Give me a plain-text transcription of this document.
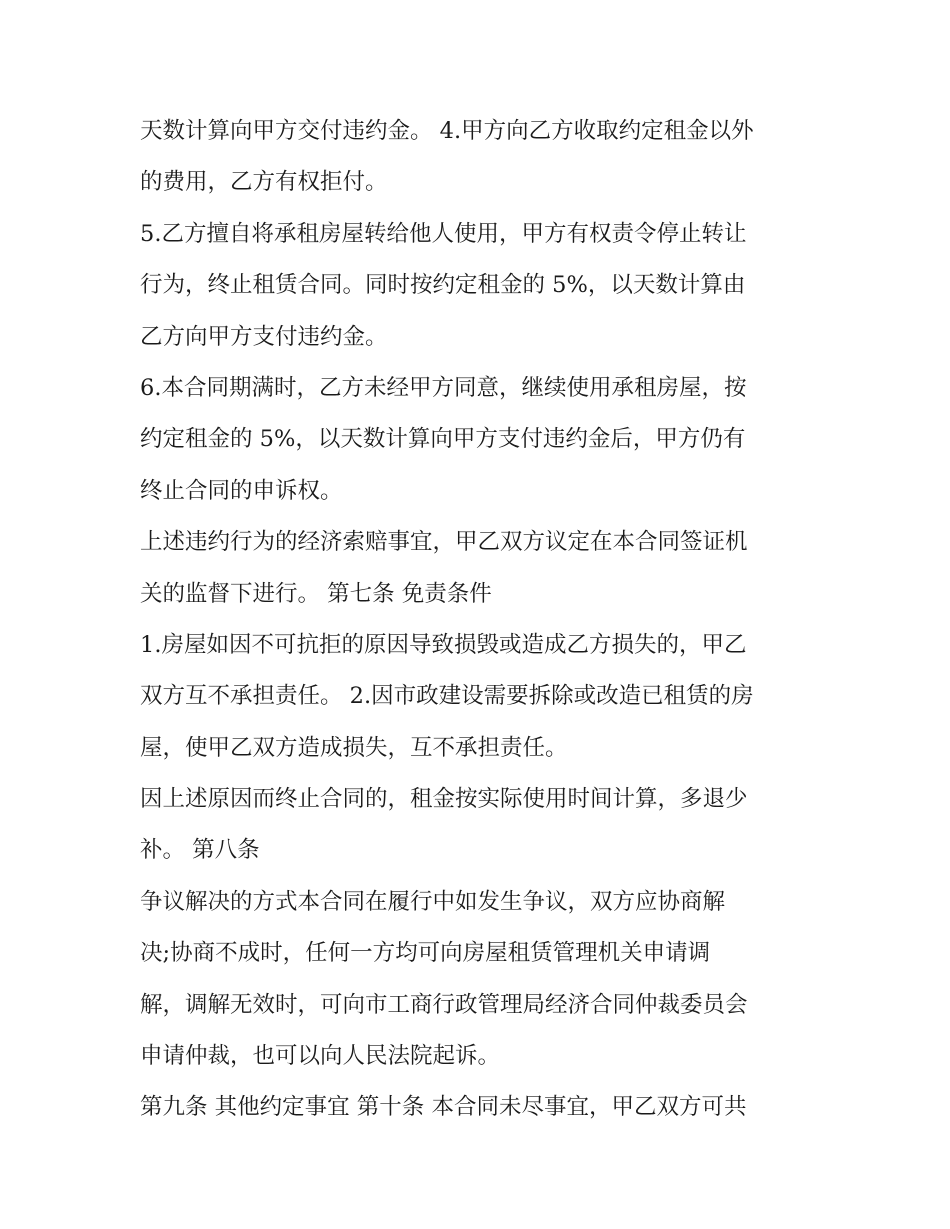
天数计算向甲方交付违约金。 4.甲方向乙方收取约定租金以外
的费用，乙方有权拒付。
5.乙方擅自将承租房屋转给他人使用，甲方有权责令停止转让
行为，终止租赁合同。同时按约定租金的 5%，以天数计算由
乙方向甲方支付违约金。
6.本合同期满时，乙方未经甲方同意，继续使用承租房屋，按
约定租金的 5%，以天数计算向甲方支付违约金后，甲方仍有
终止合同的申诉权。
上述违约行为的经济索赔事宜，甲乙双方议定在本合同签证机
关的监督下进行。 第七条 免责条件
1.房屋如因不可抗拒的原因导致损毁或造成乙方损失的，甲乙
双方互不承担责任。 2.因市政建设需要拆除或改造已租赁的房
屋，使甲乙双方造成损失，互不承担责任。
因上述原因而终止合同的，租金按实际使用时间计算，多退少
补。 第八条
争议解决的方式本合同在履行中如发生争议，双方应协商解
决;协商不成时，任何一方均可向房屋租赁管理机关申请调
解，调解无效时，可向市工商行政管理局经济合同仲裁委员会
申请仲裁，也可以向人民法院起诉。
第九条 其他约定事宜 第十条 本合同未尽事宜，甲乙双方可共
